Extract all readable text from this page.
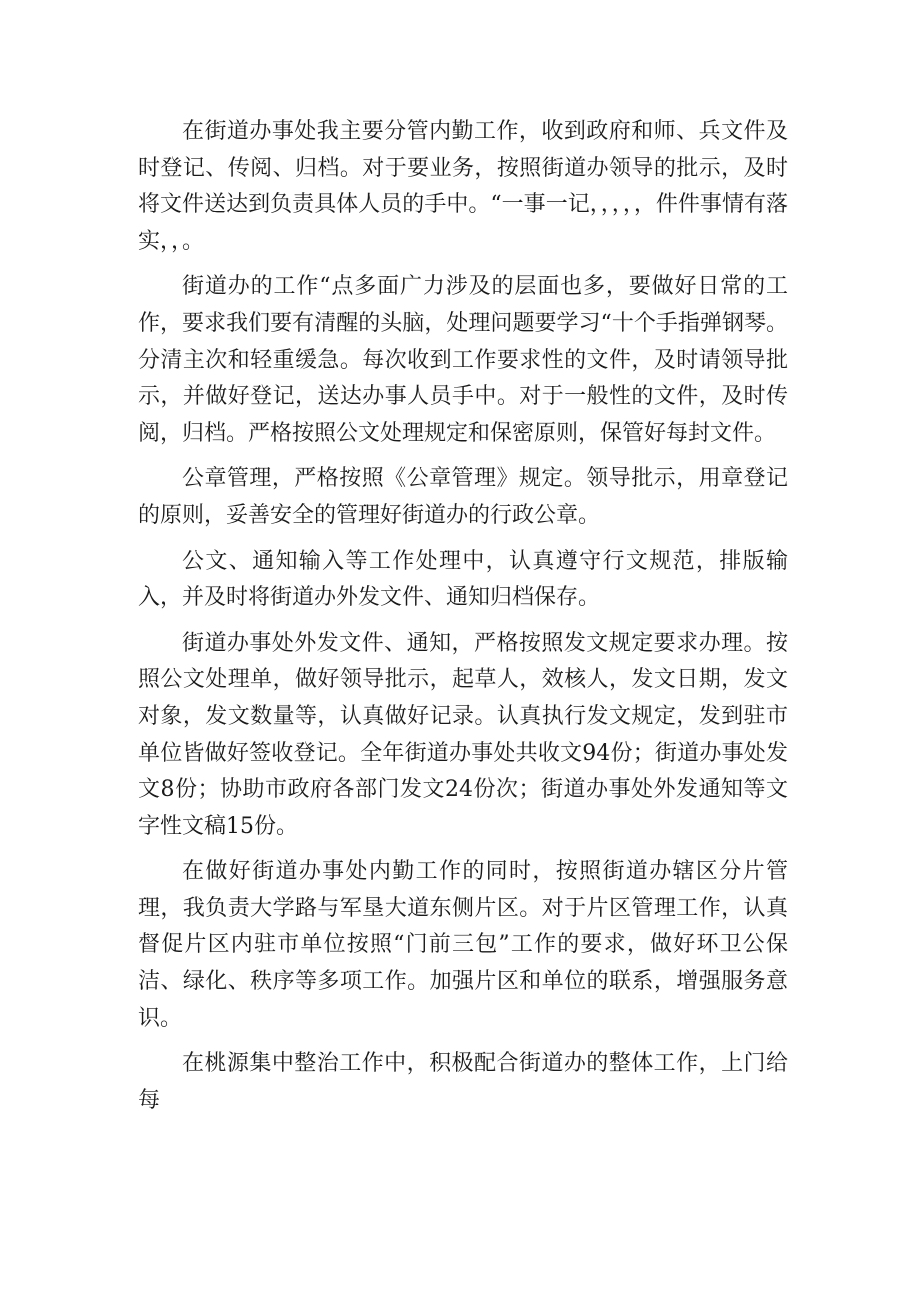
在街道办事处我主要分管内勤工作，收到政府和师、兵文件及时登记、传阅、归档。对于要业务，按照街道办领导的批示，及时将文件送达到负责具体人员的手中。“一事一记，，，，，件件事情有落实，，。

街道办的工作“点多面广力涉及的层面也多，要做好日常的工作，要求我们要有清醒的头脑，处理问题要学习“十个手指弹钢琴。分清主次和轻重缓急。每次收到工作要求性的文件，及时请领导批示，并做好登记，送达办事人员手中。对于一般性的文件，及时传阅，归档。严格按照公文处理规定和保密原则，保管好每封文件。

公章管理，严格按照《公章管理》规定。领导批示，用章登记的原则，妥善安全的管理好街道办的行政公章。

公文、通知输入等工作处理中，认真遵守行文规范，排版输入，并及时将街道办外发文件、通知归档保存。

街道办事处外发文件、通知，严格按照发文规定要求办理。按照公文处理单，做好领导批示，起草人，效核人，发文日期，发文对象，发文数量等，认真做好记录。认真执行发文规定，发到驻市单位皆做好签收登记。全年街道办事处共收文94份；街道办事处发文8份；协助市政府各部门发文24份次；街道办事处外发通知等文字性文稿15份。

在做好街道办事处内勤工作的同时，按照街道办辖区分片管理，我负责大学路与军垦大道东侧片区。对于片区管理工作，认真督促片区内驻市单位按照“门前三包”工作的要求，做好环卫公保洁、绿化、秩序等多项工作。加强片区和单位的联系，增强服务意识。

在桃源集中整治工作中，积极配合街道办的整体工作，上门给每
